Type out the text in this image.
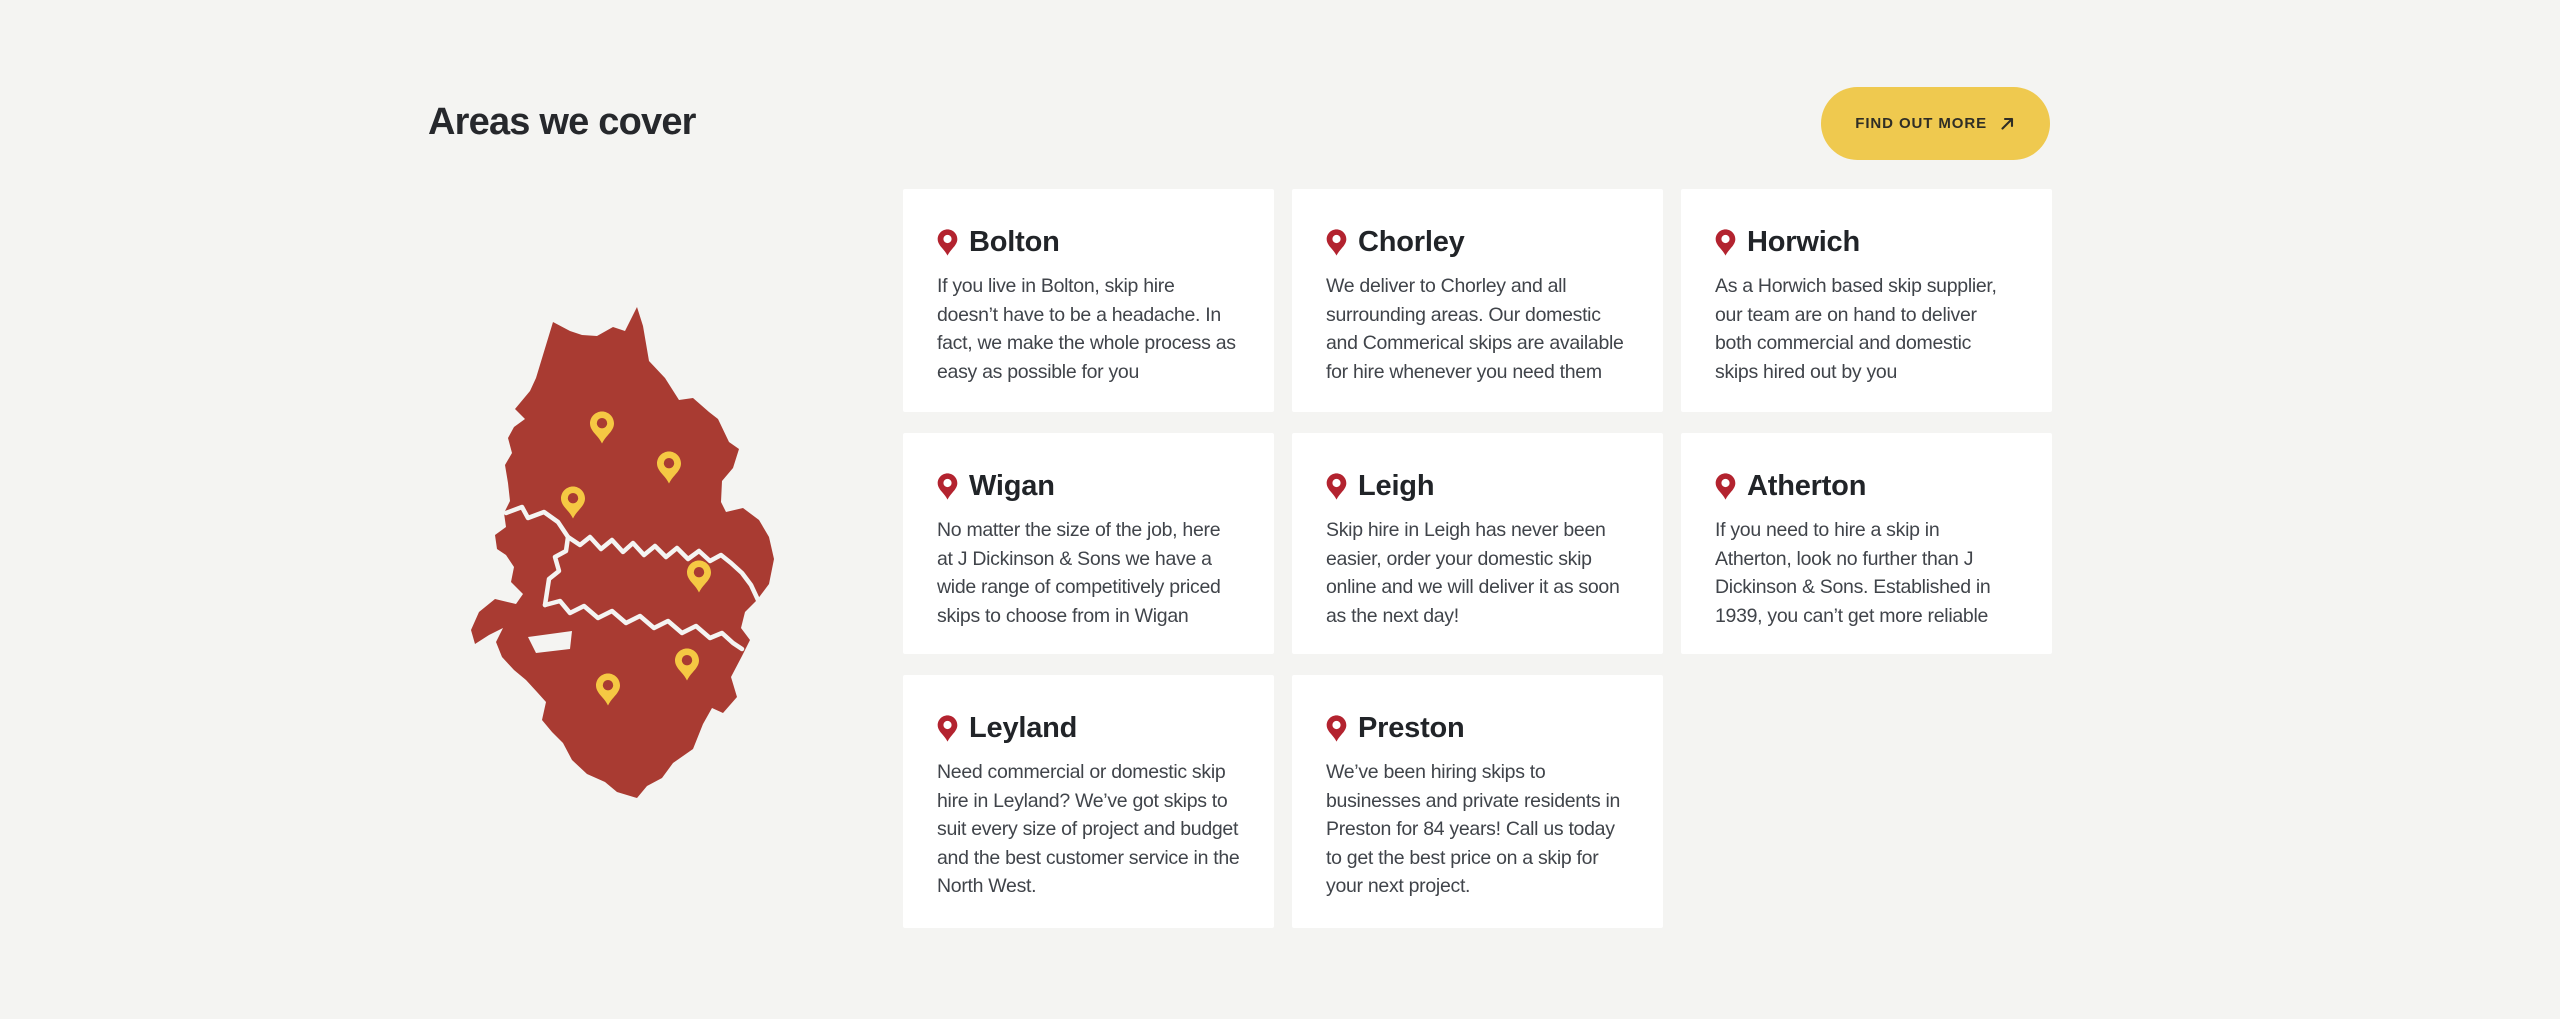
Areas we cover	FIND OUT MORE
Bolton

If you live in Bolton, skip hire doesn’t have to be a headache. In fact, we make the whole process as easy as possible for you

Chorley

We deliver to Chorley and all surrounding areas. Our domestic and Commerical skips are available for hire whenever you need them

Horwich

As a Horwich based skip supplier, our team are on hand to deliver both commercial and domestic skips hired out by you

Wigan

No matter the size of the job, here at J Dickinson & Sons we have a wide range of competitively priced skips to choose from in Wigan

Leigh

Skip hire in Leigh has never been easier, order your domestic skip online and we will deliver it as soon as the next day!

Atherton

If you need to hire a skip in Atherton, look no further than J Dickinson & Sons. Established in 1939, you can’t get more reliable

Leyland

Need commercial or domestic skip hire in Leyland? We’ve got skips to suit every size of project and budget and the best customer service in the North West.

Preston

We’ve been hiring skips to businesses and private residents in Preston for 84 years! Call us today to get the best price on a skip for your next project.
